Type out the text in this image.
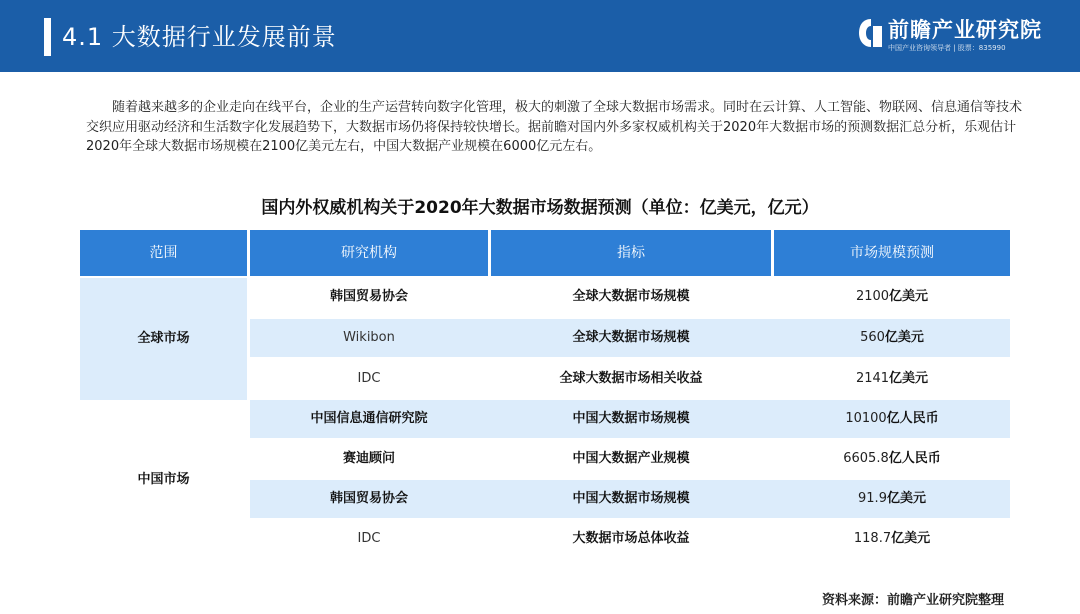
4.1 大数据行业发展前景	前瞻产业研究院
中国产业咨询领导者 | 股票：835990

随着越来越多的企业走向在线平台，企业的生产运营转向数字化管理，极大的刺激了全球大数据市场需求。同时在云计算、人工智能、物联网、信息通信等技术交织应用驱动经济和生活数字化发展趋势下，大数据市场仍将保持较快增长。据前瞻对国内外多家权威机构关于2020年大数据市场的预测数据汇总分析，乐观估计2020年全球大数据市场规模在2100亿美元左右，中国大数据产业规模在6000亿元左右。

国内外权威机构关于2020年大数据市场数据预测（单位：亿美元，亿元）
范围	研究机构	指标	市场规模预测
全球市场
韩国贸易协会	全球大数据市场规模	2100亿美元
Wikibon	全球大数据市场规模	560亿美元
IDC	全球大数据市场相关收益	2141亿美元
中国市场
中国信息通信研究院	中国大数据市场规模	10100亿人民币
赛迪顾问	中国大数据产业规模	6605.8亿人民币
韩国贸易协会	中国大数据市场规模	91.9亿美元
IDC	大数据市场总体收益	118.7亿美元
资料来源：前瞻产业研究院整理
